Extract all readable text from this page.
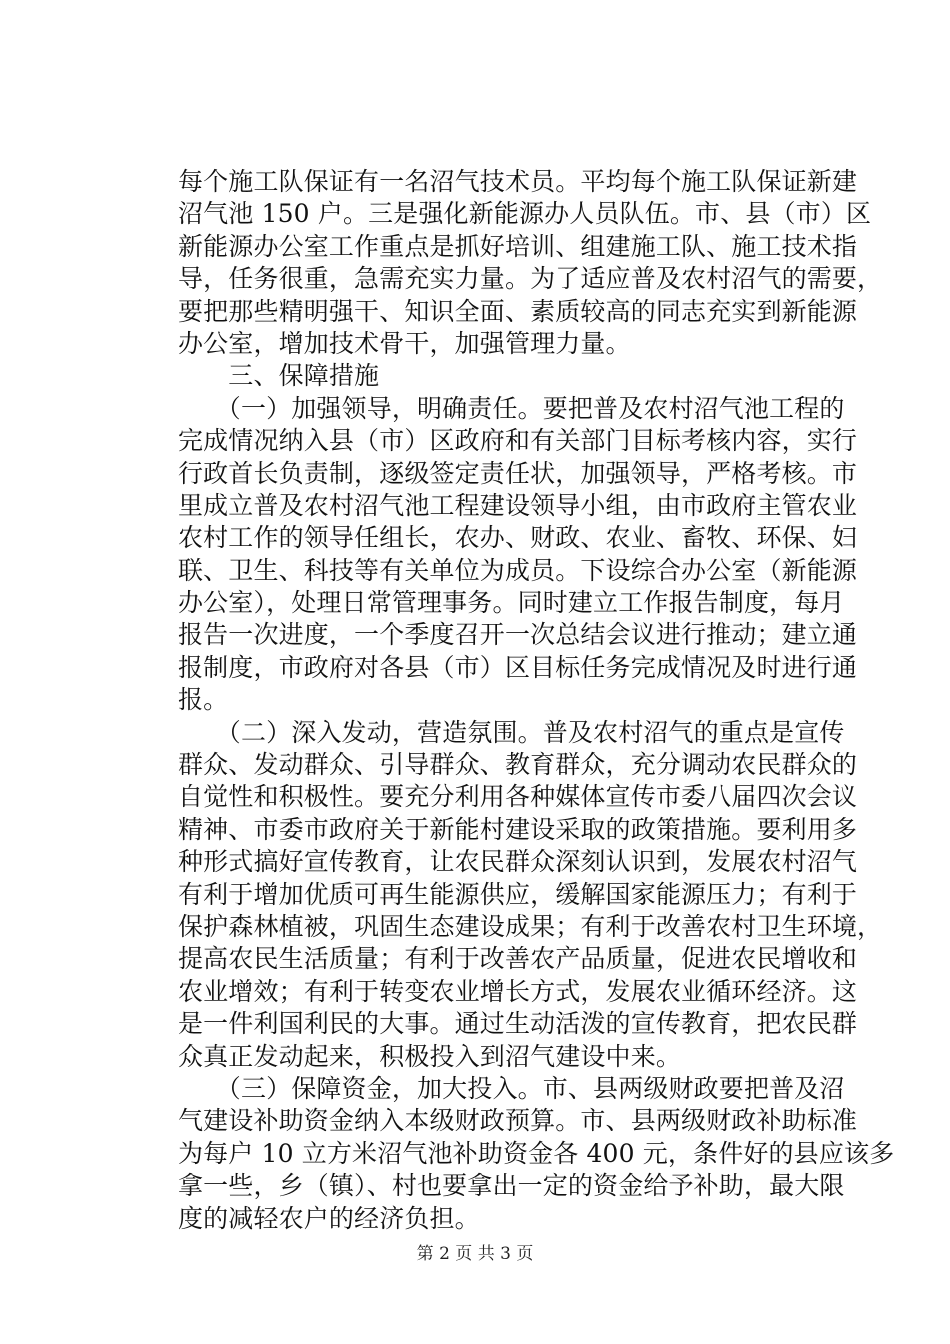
每个施工队保证有一名沼气技术员。平均每个施工队保证新建
沼气池 150 户。三是强化新能源办人员队伍。市、县（市）区
新能源办公室工作重点是抓好培训、组建施工队、施工技术指
导，任务很重，急需充实力量。为了适应普及农村沼气的需要，
要把那些精明强干、知识全面、素质较高的同志充实到新能源
办公室，增加技术骨干，加强管理力量。
　　三、保障措施
　　（一）加强领导，明确责任。要把普及农村沼气池工程的
完成情况纳入县（市）区政府和有关部门目标考核内容，实行
行政首长负责制，逐级签定责任状，加强领导，严格考核。市
里成立普及农村沼气池工程建设领导小组，由市政府主管农业
农村工作的领导任组长，农办、财政、农业、畜牧、环保、妇
联、卫生、科技等有关单位为成员。下设综合办公室（新能源
办公室），处理日常管理事务。同时建立工作报告制度，每月
报告一次进度，一个季度召开一次总结会议进行推动；建立通
报制度，市政府对各县（市）区目标任务完成情况及时进行通
报。
　　（二）深入发动，营造氛围。普及农村沼气的重点是宣传
群众、发动群众、引导群众、教育群众，充分调动农民群众的
自觉性和积极性。要充分利用各种媒体宣传市委八届四次会议
精神、市委市政府关于新能村建设采取的政策措施。要利用多
种形式搞好宣传教育，让农民群众深刻认识到，发展农村沼气
有利于增加优质可再生能源供应，缓解国家能源压力；有利于
保护森林植被，巩固生态建设成果；有利于改善农村卫生环境，
提高农民生活质量；有利于改善农产品质量，促进农民增收和
农业增效；有利于转变农业增长方式，发展农业循环经济。这
是一件利国利民的大事。通过生动活泼的宣传教育，把农民群
众真正发动起来，积极投入到沼气建设中来。
　　（三）保障资金，加大投入。市、县两级财政要把普及沼
气建设补助资金纳入本级财政预算。市、县两级财政补助标准
为每户 10 立方米沼气池补助资金各 400 元，条件好的县应该多
拿一些，乡（镇）、村也要拿出一定的资金给予补助，最大限
度的减轻农户的经济负担。
第 2 页 共 3 页
